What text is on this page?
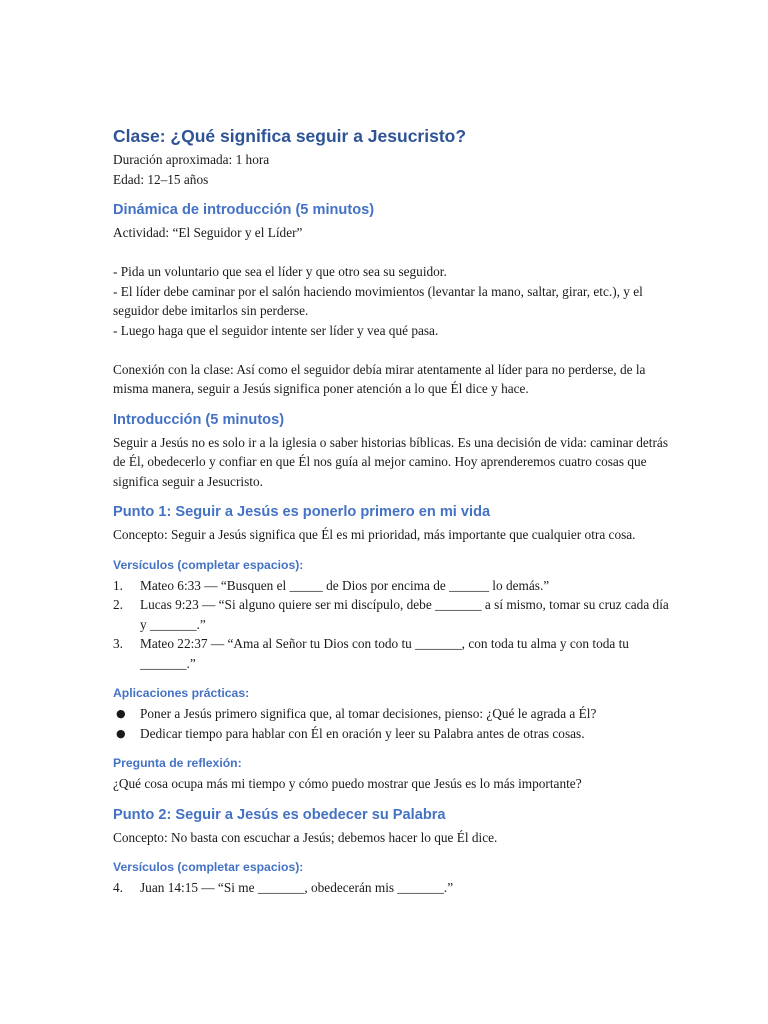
Clase: ¿Qué significa seguir a Jesucristo?

Duración aproximada: 1 hora

Edad: 12–15 años

Dinámica de introducción (5 minutos)

Actividad: “El Seguidor y el Líder”

- Pida un voluntario que sea el líder y que otro sea su seguidor.

- El líder debe caminar por el salón haciendo movimientos (levantar la mano, saltar, girar, etc.), y el seguidor debe imitarlos sin perderse.

- Luego haga que el seguidor intente ser líder y vea qué pasa.

Conexión con la clase: Así como el seguidor debía mirar atentamente al líder para no perderse, de la misma manera, seguir a Jesús significa poner atención a lo que Él dice y hace.

Introducción (5 minutos)

Seguir a Jesús no es solo ir a la iglesia o saber historias bíblicas. Es una decisión de vida: caminar detrás de Él, obedecerlo y confiar en que Él nos guía al mejor camino. Hoy aprenderemos cuatro cosas que significa seguir a Jesucristo.

Punto 1: Seguir a Jesús es ponerlo primero en mi vida

Concepto: Seguir a Jesús significa que Él es mi prioridad, más importante que cualquier otra cosa.

Versículos (completar espacios):
1. Mateo 6:33 — “Busquen el _____ de Dios por encima de ______ lo demás.”
2. Lucas 9:23 — “Si alguno quiere ser mi discípulo, debe _______ a sí mismo, tomar su cruz cada día y _______.”
3. Mateo 22:37 — “Ama al Señor tu Dios con todo tu _______, con toda tu alma y con toda tu _______.”
Aplicaciones prácticas:
● Poner a Jesús primero significa que, al tomar decisiones, pienso: ¿Qué le agrada a Él?
● Dedicar tiempo para hablar con Él en oración y leer su Palabra antes de otras cosas.
Pregunta de reflexión:

¿Qué cosa ocupa más mi tiempo y cómo puedo mostrar que Jesús es lo más importante?

Punto 2: Seguir a Jesús es obedecer su Palabra

Concepto: No basta con escuchar a Jesús; debemos hacer lo que Él dice.

Versículos (completar espacios):
4. Juan 14:15 — “Si me _______, obedecerán mis _______.”
